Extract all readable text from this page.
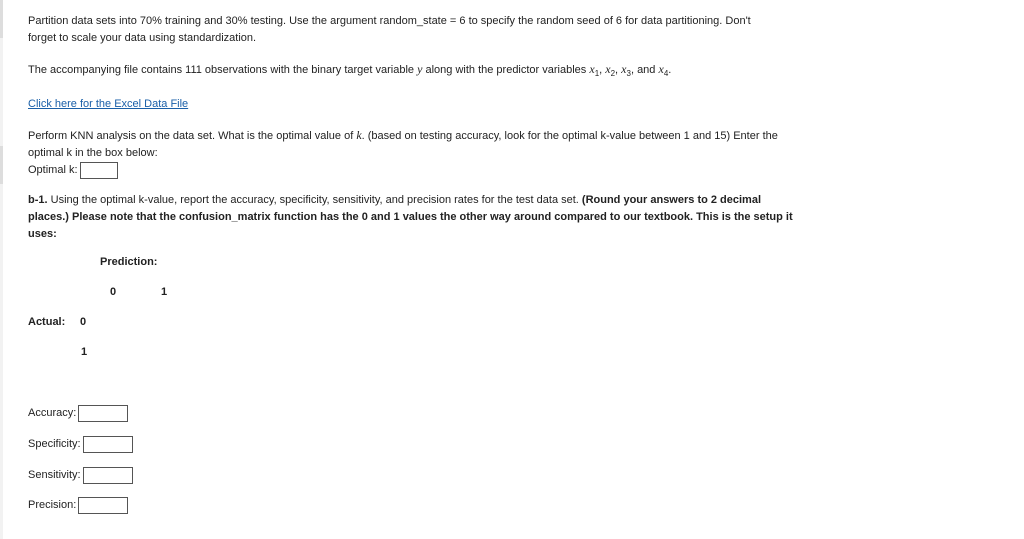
Partition data sets into 70% training and 30% testing. Use the argument random_state = 6 to specify the random seed of 6 for data partitioning. Don't
forget to scale your data using standardization.
The accompanying file contains 111 observations with the binary target variable y along with the predictor variables $x_1$, $x_2$, $x_3$, and $x_4$.
Click here for the Excel Data File
Perform KNN analysis on the data set. What is the optimal value of k. (based on testing accuracy, look for the optimal k-value between 1 and 15) Enter the
optimal k in the box below:
Optimal k:
b-1. Using the optimal k-value, report the accuracy, specificity, sensitivity, and precision rates for the test data set. (Round your answers to 2 decimal
places.) Please note that the confusion_matrix function has the 0 and 1 values the other way around compared to our textbook. This is the setup it
uses:
Prediction:
0	1
Actual: 0
1
Accuracy:
Specificity:
Sensitivity:
Precision:
